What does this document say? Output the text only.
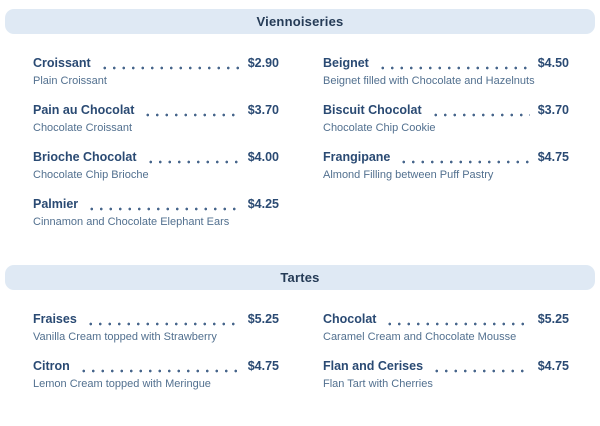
Viennoiseries
Croissant	$2.90
Plain Croissant
Pain au Chocolat	$3.70
Chocolate Croissant
Brioche Chocolat	$4.00
Chocolate Chip Brioche
Palmier	$4.25
Cinnamon and Chocolate Elephant Ears
Beignet	$4.50
Beignet filled with Chocolate and Hazelnuts
Biscuit Chocolat	$3.70
Chocolate Chip Cookie
Frangipane	$4.75
Almond Filling between Puff Pastry
Tartes
Fraises	$5.25
Vanilla Cream topped with Strawberry
Citron	$4.75
Lemon Cream topped with Meringue
Chocolat	$5.25
Caramel Cream and Chocolate Mousse
Flan and Cerises	$4.75
Flan Tart with Cherries
